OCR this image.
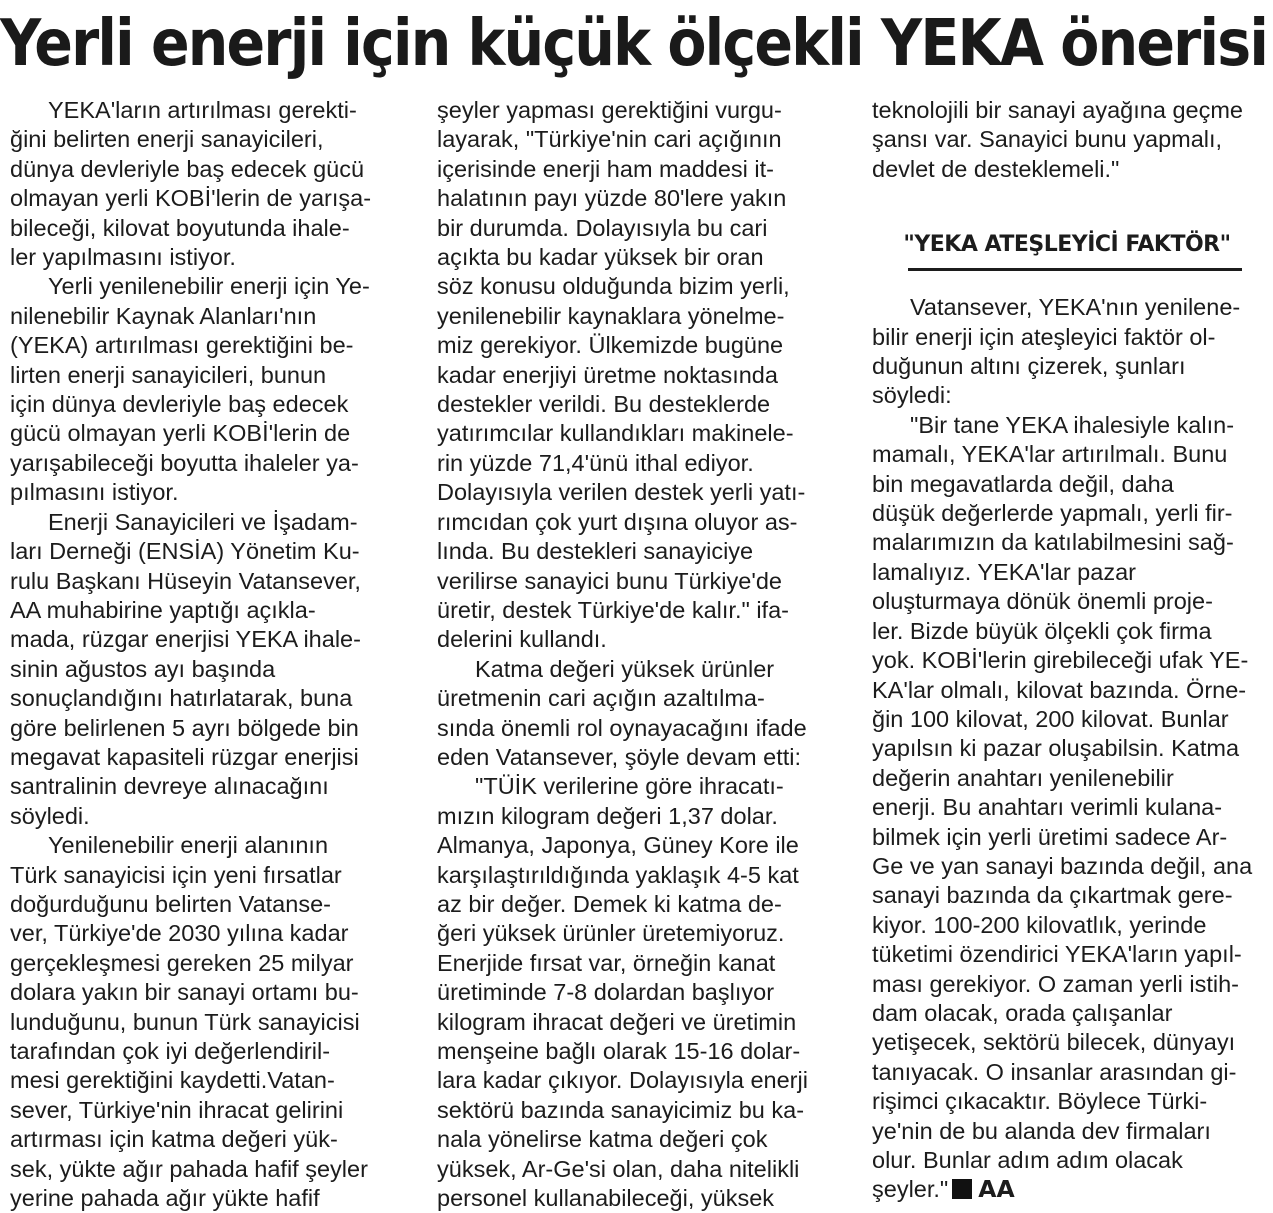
Yerli enerji için küçük ölçekli YEKA önerisi

YEKA'ların artırılması gerekti-
ğini belirten enerji sanayicileri,
dünya devleriyle baş edecek gücü
olmayan yerli KOBİ'lerin de yarışa-
bileceği, kilovat boyutunda ihale-
ler yapılmasını istiyor.

Yerli yenilenebilir enerji için Ye-
nilenebilir Kaynak Alanları'nın
(YEKA) artırılması gerektiğini be-
lirten enerji sanayicileri, bunun
için dünya devleriyle baş edecek
gücü olmayan yerli KOBİ'lerin de
yarışabileceği boyutta ihaleler ya-
pılmasını istiyor.

Enerji Sanayicileri ve İşadam-
ları Derneği (ENSİA) Yönetim Ku-
rulu Başkanı Hüseyin Vatansever,
AA muhabirine yaptığı açıkla-
mada, rüzgar enerjisi YEKA ihale-
sinin ağustos ayı başında
sonuçlandığını hatırlatarak, buna
göre belirlenen 5 ayrı bölgede bin
megavat kapasiteli rüzgar enerjisi
santralinin devreye alınacağını
söyledi.

Yenilenebilir enerji alanının
Türk sanayicisi için yeni fırsatlar
doğurduğunu belirten Vatanse-
ver, Türkiye'de 2030 yılına kadar
gerçekleşmesi gereken 25 milyar
dolara yakın bir sanayi ortamı bu-
lunduğunu, bunun Türk sanayicisi
tarafından çok iyi değerlendiril-
mesi gerektiğini kaydetti.Vatan-
sever, Türkiye'nin ihracat gelirini
artırması için katma değeri yük-
sek, yükte ağır pahada hafif şeyler
yerine pahada ağır yükte hafif

şeyler yapması gerektiğini vurgu-
layarak, "Türkiye'nin cari açığının
içerisinde enerji ham maddesi it-
halatının payı yüzde 80'lere yakın
bir durumda. Dolayısıyla bu cari
açıkta bu kadar yüksek bir oran
söz konusu olduğunda bizim yerli,
yenilenebilir kaynaklara yönelme-
miz gerekiyor. Ülkemizde bugüne
kadar enerjiyi üretme noktasında
destekler verildi. Bu desteklerde
yatırımcılar kullandıkları makinele-
rin yüzde 71,4'ünü ithal ediyor.
Dolayısıyla verilen destek yerli yatı-
rımcıdan çok yurt dışına oluyor as-
lında. Bu destekleri sanayiciye
verilirse sanayici bunu Türkiye'de
üretir, destek Türkiye'de kalır." ifa-
delerini kullandı.

Katma değeri yüksek ürünler
üretmenin cari açığın azaltılma-
sında önemli rol oynayacağını ifade
eden Vatansever, şöyle devam etti:

"TÜİK verilerine göre ihracatı-
mızın kilogram değeri 1,37 dolar.
Almanya, Japonya, Güney Kore ile
karşılaştırıldığında yaklaşık 4-5 kat
az bir değer. Demek ki katma de-
ğeri yüksek ürünler üretemiyoruz.
Enerjide fırsat var, örneğin kanat
üretiminde 7-8 dolardan başlıyor
kilogram ihracat değeri ve üretimin
menşeine bağlı olarak 15-16 dolar-
lara kadar çıkıyor. Dolayısıyla enerji
sektörü bazında sanayicimiz bu ka-
nala yönelirse katma değeri çok
yüksek, Ar-Ge'si olan, daha nitelikli
personel kullanabileceği, yüksek

teknolojili bir sanayi ayağına geçme
şansı var. Sanayici bunu yapmalı,
devlet de desteklemeli."

"YEKA ATEŞLEYİCİ FAKTÖR"

Vatansever, YEKA'nın yenilene-
bilir enerji için ateşleyici faktör ol-
duğunun altını çizerek, şunları
söyledi:

"Bir tane YEKA ihalesiyle kalın-
mamalı, YEKA'lar artırılmalı. Bunu
bin megavatlarda değil, daha
düşük değerlerde yapmalı, yerli fir-
malarımızın da katılabilmesini sağ-
lamalıyız. YEKA'lar pazar
oluşturmaya dönük önemli proje-
ler. Bizde büyük ölçekli çok firma
yok. KOBİ'lerin girebileceği ufak YE-
KA'lar olmalı, kilovat bazında. Örne-
ğin 100 kilovat, 200 kilovat. Bunlar
yapılsın ki pazar oluşabilsin. Katma
değerin anahtarı yenilenebilir
enerji. Bu anahtarı verimli kulana-
bilmek için yerli üretimi sadece Ar-
Ge ve yan sanayi bazında değil, ana
sanayi bazında da çıkartmak gere-
kiyor. 100-200 kilovatlık, yerinde
tüketimi özendirici YEKA'ların yapıl-
ması gerekiyor. O zaman yerli istih-
dam olacak, orada çalışanlar
yetişecek, sektörü bilecek, dünyayı
tanıyacak. O insanlar arasından gi-
rişimci çıkacaktır. Böylece Türki-
ye'nin de bu alanda dev firmaları
olur. Bunlar adım adım olacak
şeyler." AA
